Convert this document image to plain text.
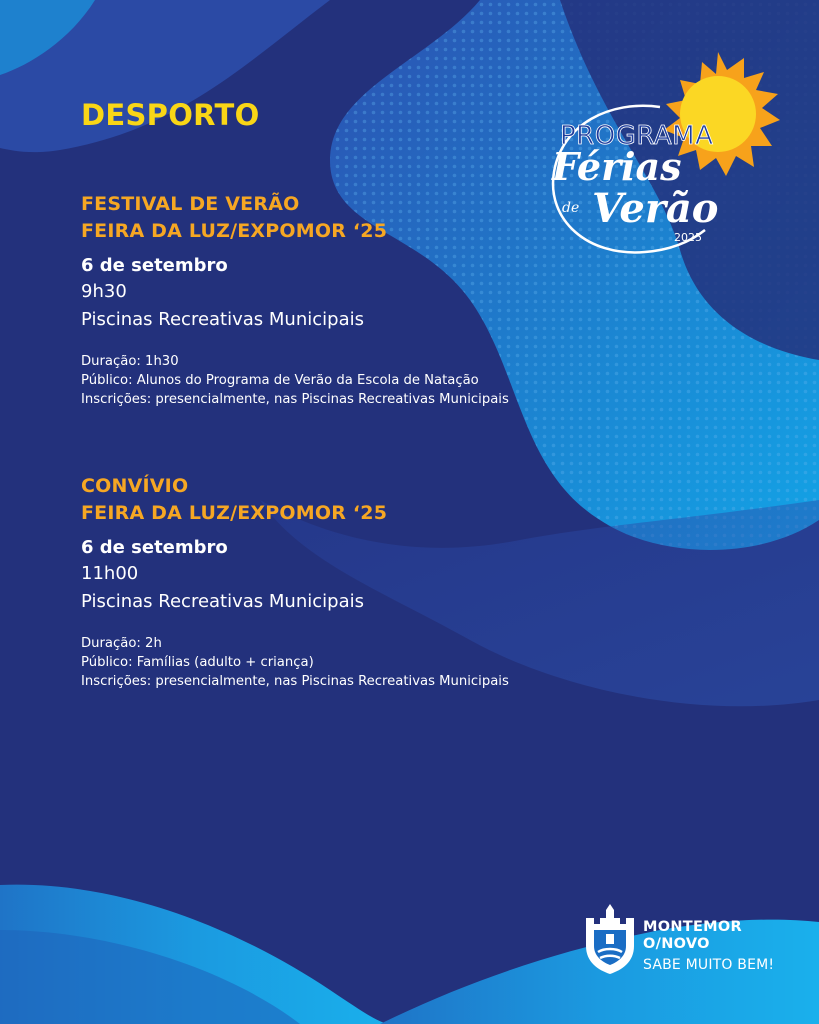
DESPORTO

FESTIVAL DE VERÃO

FEIRA DA LUZ/EXPOMOR ‘25

6 de setembro

9h30

Piscinas Recreativas Municipais

Duração: 1h30

Público: Alunos do Programa de Verão da Escola de Natação

Inscrições: presencialmente, nas Piscinas Recreativas Municipais

CONVÍVIO

FEIRA DA LUZ/EXPOMOR ‘25

6 de setembro

11h00

Piscinas Recreativas Municipais

Duração: 2h

Público: Famílias (adulto + criança)

Inscrições: presencialmente, nas Piscinas Recreativas Municipais

PROGRAMA
Férias
de Verão
2025

MONTEMOR

O/NOVO

SABE MUITO BEM!
